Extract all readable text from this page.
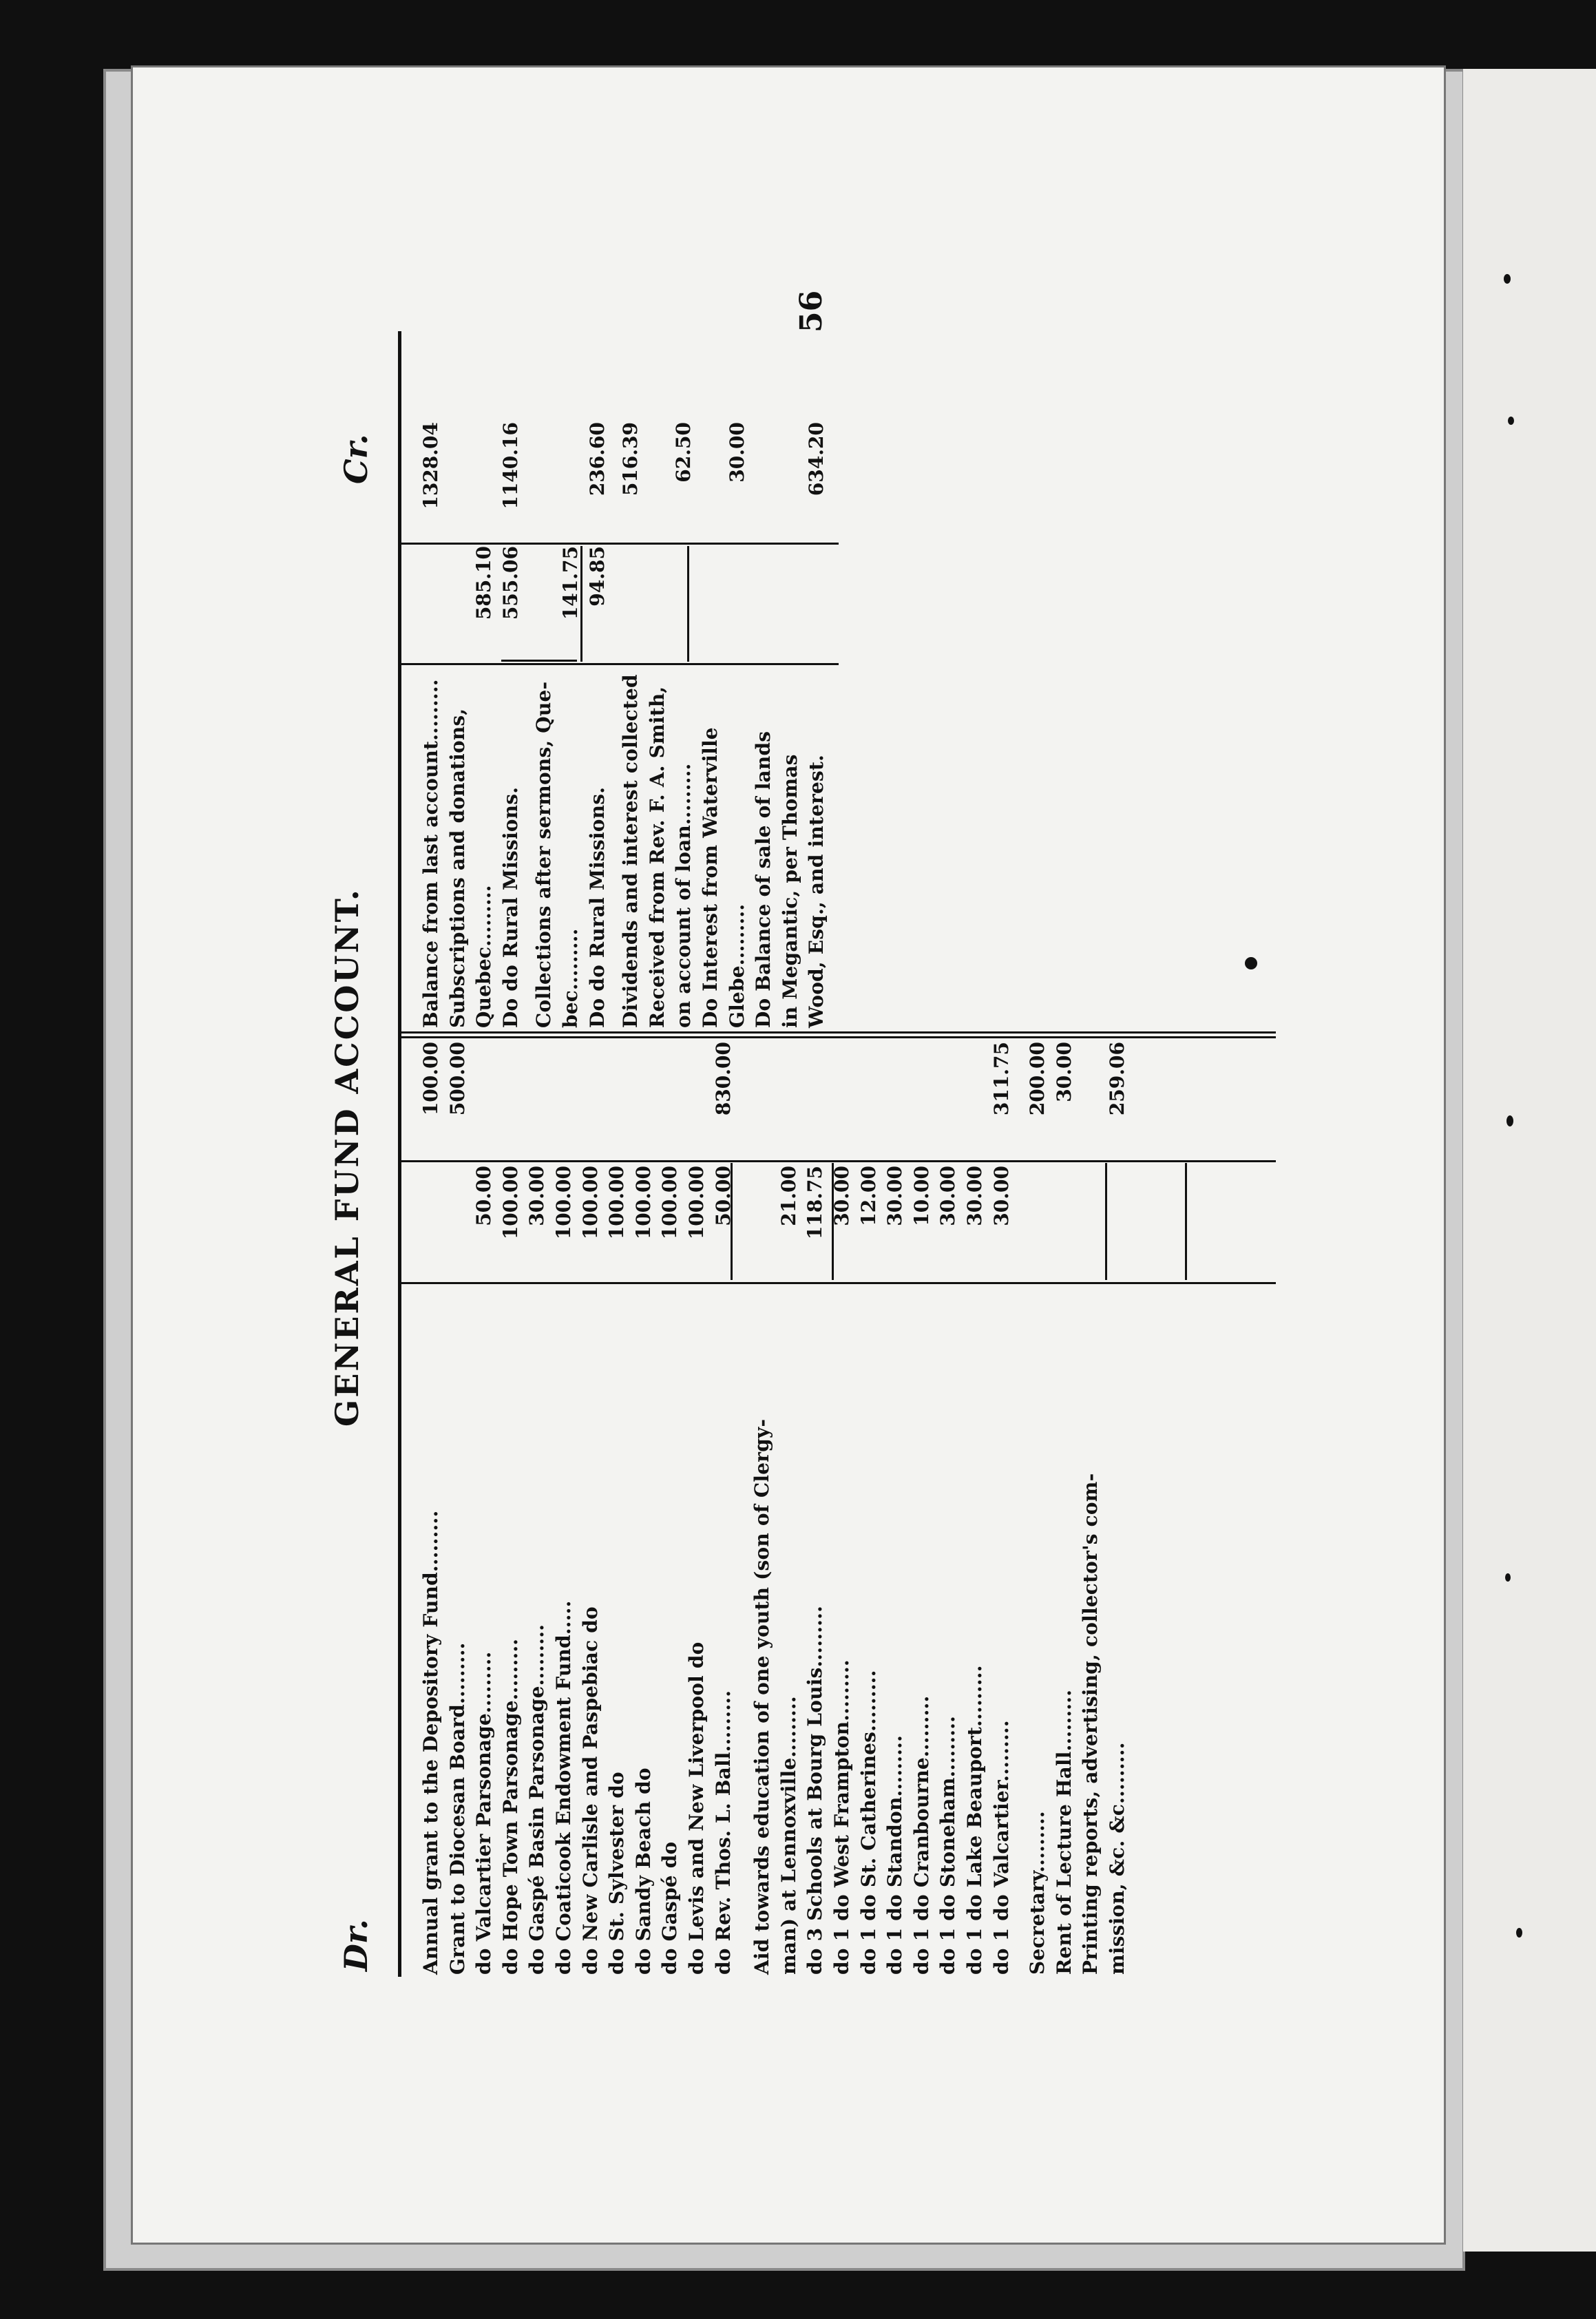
56
GENERAL FUND ACCOUNT.
Dr.
Cr.
Annual grant to the Depository Fund.........
100.00
Grant to Diocesan Board.........
500.00
do Valcartier Parsonage.........
50.00
do Hope Town Parsonage.........
100.00
do Gaspé Basin Parsonage.........
30.00
do Coaticook Endowment Fund.....
100.00
do New Carlisle and Paspebiac do
100.00
do St. Sylvester do
100.00
do Sandy Beach do
100.00
do Gaspé do
100.00
do Levis and New Liverpool do
100.00
do Rev. Thos. L. Ball.........
50.00
830.00
Aid towards education of one youth (son of Clergy- man) at Lennoxville.........
21.00
do 3 Schools at Bourg Louis.........
118.75
do 1 do West Frampton.........
30.00
do 1 do St. Catherines.........
12.00
do 1 do Standon.........
30.00
do 1 do Cranbourne.........
10.00
do 1 do Stoneham.........
30.00
do 1 do Lake Beauport.........
30.00
do 1 do Valcartier.........
30.00
311.75
Secretary.........
200.00
Rent of Lecture Hall.........
30.00
Printing reports, advertising, collector's com- mission, &c. &c.........
259.06
Balance from last account.........
1328.04
Subscriptions and donations, Quebec.........
585.10
Do do Rural Missions.
555.06
1140.16
Collections after sermons, Que- bec.........
141.75
Do do Rural Missions.
94.85
236.60
Dividends and interest collected
516.39
Received from Rev. F. A. Smith, on account of loan.........
62.50
Do Interest from Waterville Glebe.........
30.00
Do Balance of sale of lands in Megantic, per Thomas Wood, Esq., and interest.
634.20
